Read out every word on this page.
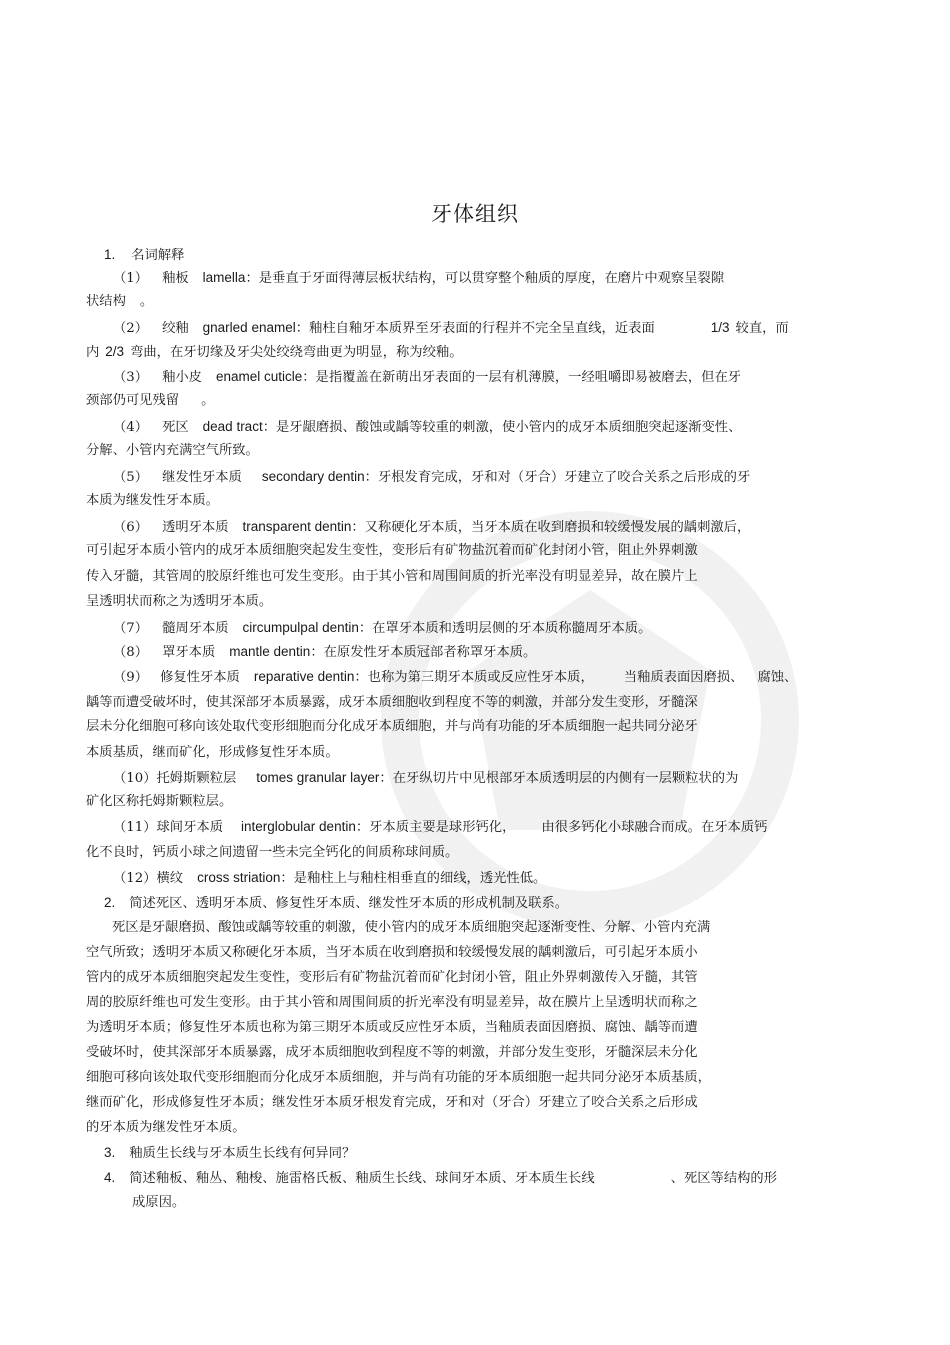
牙体组织
1. 名词解释
（1） 釉板 lamella：是垂直于牙面得薄层板状结构，可以贯穿整个釉质的厚度，在磨片中观察呈裂隙
状结构 。
（2） 绞釉 gnarled enamel：釉柱自釉牙本质界至牙表面的行程并不完全呈直线，近表面	1/3 较直，而
内 2/3 弯曲，在牙切缘及牙尖处绞绕弯曲更为明显，称为绞釉。
（3） 釉小皮 enamel cuticle：是指覆盖在新萌出牙表面的一层有机薄膜，一经咀嚼即易被磨去，但在牙
颈部仍可见残留 。
（4） 死区 dead tract：是牙龈磨损、酸蚀或龋等较重的刺激，使小管内的成牙本质细胞突起逐渐变性、
分解、小管内充满空气所致。
（5） 继发性牙本质 secondary dentin：牙根发育完成，牙和对（牙合）牙建立了咬合关系之后形成的牙
本质为继发性牙本质。
（6） 透明牙本质 transparent dentin：又称硬化牙本质，当牙本质在收到磨损和较缓慢发展的龋刺激后，
可引起牙本质小管内的成牙本质细胞突起发生变性，变形后有矿物盐沉着而矿化封闭小管，阻止外界刺激
传入牙髓，其管周的胶原纤维也可发生变形。由于其小管和周围间质的折光率没有明显差异，故在膜片上
呈透明状而称之为透明牙本质。
（7） 髓周牙本质 circumpulpal dentin：在罩牙本质和透明层侧的牙本质称髓周牙本质。
（8） 罩牙本质 mantle dentin：在原发性牙本质冠部者称罩牙本质。
（9） 修复性牙本质 reparative dentin：也称为第三期牙本质或反应性牙本质， 当釉质表面因磨损、 腐蚀、
龋等而遭受破坏时，使其深部牙本质暴露，成牙本质细胞收到程度不等的刺激，并部分发生变形，牙髓深
层未分化细胞可移向该处取代变形细胞而分化成牙本质细胞，并与尚有功能的牙本质细胞一起共同分泌牙
本质基质，继而矿化，形成修复性牙本质。
（10）托姆斯颗粒层 tomes granular layer：在牙纵切片中见根部牙本质透明层的内侧有一层颗粒状的为
矿化区称托姆斯颗粒层。
（11）球间牙本质 interglobular dentin：牙本质主要是球形钙化， 由很多钙化小球融合而成。在牙本质钙
化不良时，钙质小球之间遗留一些未完全钙化的间质称球间质。
（12）横纹 cross striation：是釉柱上与釉柱相垂直的细线，透光性低。
2. 简述死区、透明牙本质、修复性牙本质、继发性牙本质的形成机制及联系。
死区是牙龈磨损、酸蚀或龋等较重的刺激，使小管内的成牙本质细胞突起逐渐变性、分解、小管内充满
空气所致；透明牙本质又称硬化牙本质，当牙本质在收到磨损和较缓慢发展的龋刺激后，可引起牙本质小
管内的成牙本质细胞突起发生变性，变形后有矿物盐沉着而矿化封闭小管，阻止外界刺激传入牙髓，其管
周的胶原纤维也可发生变形。由于其小管和周围间质的折光率没有明显差异，故在膜片上呈透明状而称之
为透明牙本质；修复性牙本质也称为第三期牙本质或反应性牙本质，当釉质表面因磨损、腐蚀、龋等而遭
受破坏时，使其深部牙本质暴露，成牙本质细胞收到程度不等的刺激，并部分发生变形，牙髓深层未分化
细胞可移向该处取代变形细胞而分化成牙本质细胞，并与尚有功能的牙本质细胞一起共同分泌牙本质基质，
继而矿化，形成修复性牙本质；继发性牙本质牙根发育完成，牙和对（牙合）牙建立了咬合关系之后形成
的牙本质为继发性牙本质。
3. 釉质生长线与牙本质生长线有何异同？
4. 简述釉板、釉丛、釉梭、施雷格氏板、釉质生长线、球间牙本质、牙本质生长线	、死区等结构的形
成原因。
